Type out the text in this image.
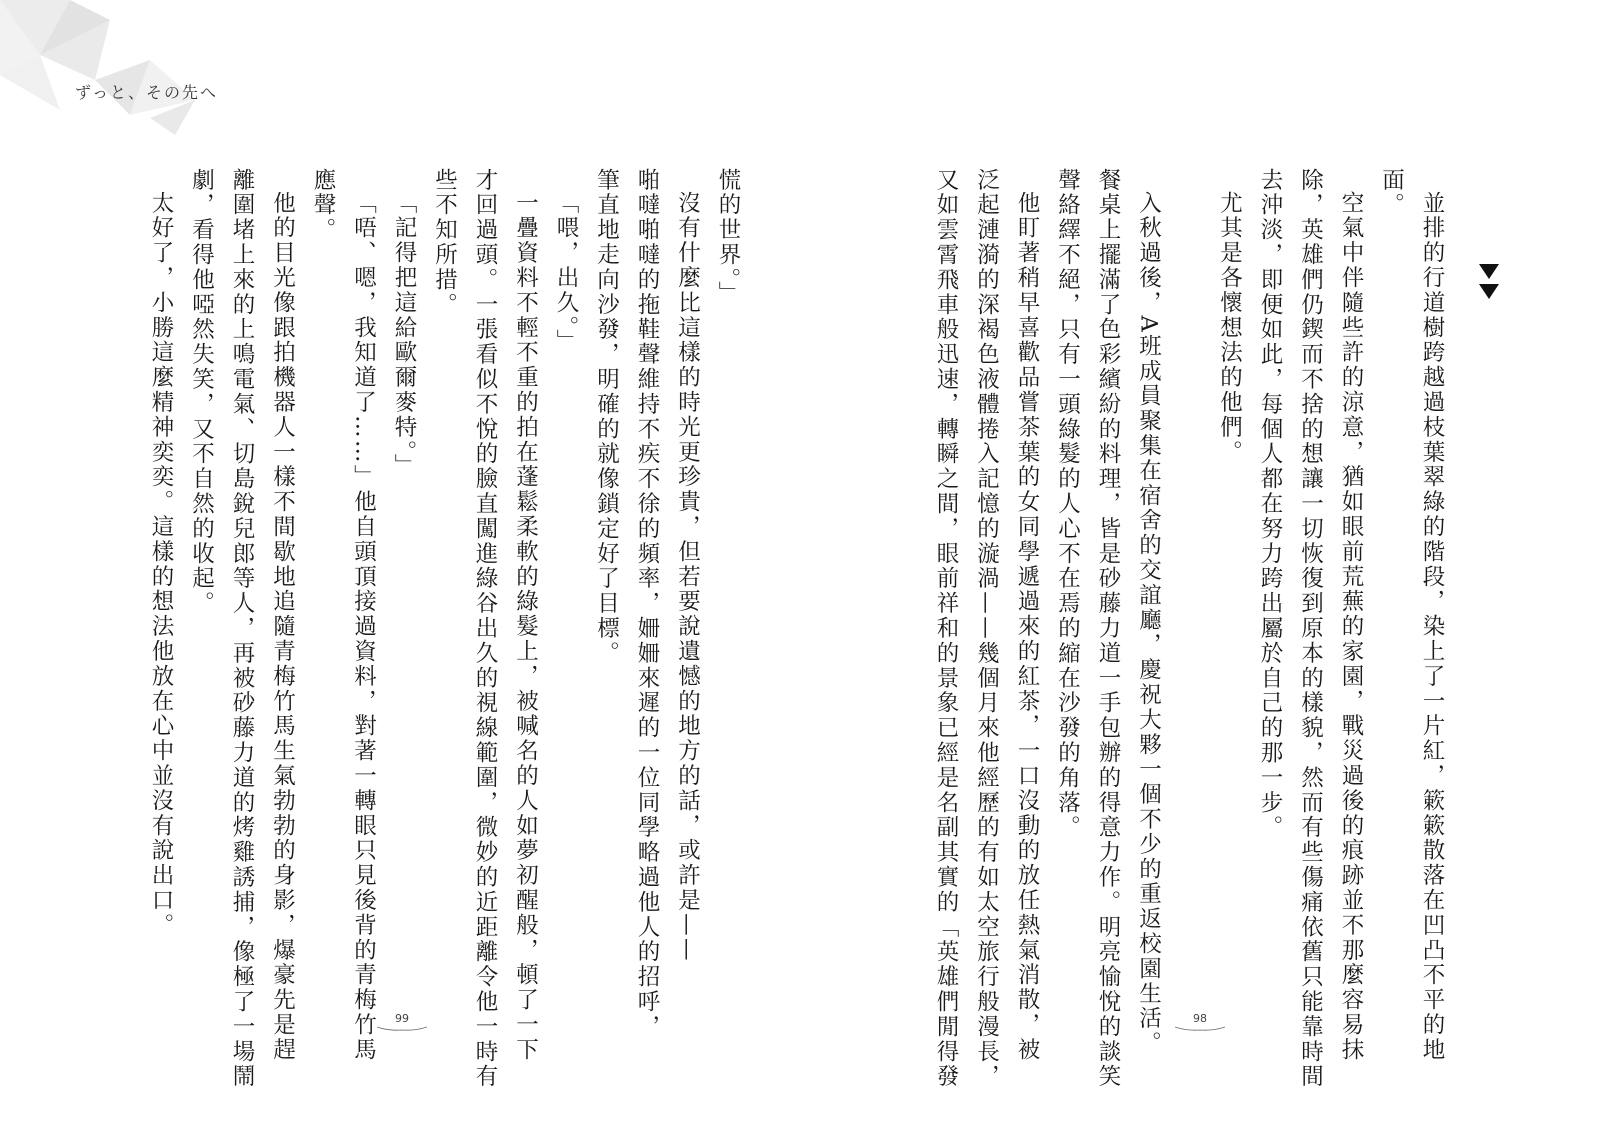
ずっと、その先へ

慌的世界。」

沒有什麼比這樣的時光更珍貴，但若要說遺憾的地方的話，或許是——

啪噠啪噠的拖鞋聲維持不疾不徐的頻率，姍姍來遲的一位同學略過他人的招呼，

筆直地走向沙發，明確的就像鎖定好了目標。

「喂，出久。」

一疊資料不輕不重的拍在蓬鬆柔軟的綠髮上，被喊名的人如夢初醒般，頓了一下

才回過頭。一張看似不悅的臉直闖進綠谷出久的視線範圍，微妙的近距離令他一時有

些不知所措。

「記得把這給歐爾麥特。」

「唔、嗯，我知道了……」他自頭頂接過資料，對著一轉眼只見後背的青梅竹馬

應聲。

他的目光像跟拍機器人一樣不間歇地追隨青梅竹馬生氣勃勃的身影，爆豪先是趕

離圍堵上來的上鳴電氣、切島銳兒郎等人，再被砂藤力道的烤雞誘捕，像極了一場鬧

劇，看得他啞然失笑，又不自然的收起。

太好了，小勝這麼精神奕奕。這樣的想法他放在心中並沒有說出口。

99	並排的行道樹跨越過枝葉翠綠的階段，染上了一片紅，簌簌散落在凹凸不平的地

面。

空氣中伴隨些許的涼意，猶如眼前荒蕪的家園，戰災過後的痕跡並不那麼容易抹

除，英雄們仍鍥而不捨的想讓一切恢復到原本的樣貌，然而有些傷痛依舊只能靠時間

去沖淡，即便如此，每個人都在努力跨出屬於自己的那一步。

尤其是各懷想法的他們。

入秋過後，A班成員聚集在宿舍的交誼廳，慶祝大夥一個不少的重返校園生活。

餐桌上擺滿了色彩繽紛的料理，皆是砂藤力道一手包辦的得意力作。明亮愉悅的談笑

聲絡繹不絕，只有一頭綠髮的人心不在焉的縮在沙發的角落。

他盯著稍早喜歡品嘗茶葉的女同學遞過來的紅茶，一口沒動的放任熱氣消散，被

泛起漣漪的深褐色液體捲入記憶的漩渦——幾個月來他經歷的有如太空旅行般漫長，

又如雲霄飛車般迅速，轉瞬之間，眼前祥和的景象已經是名副其實的「英雄們閒得發	98
